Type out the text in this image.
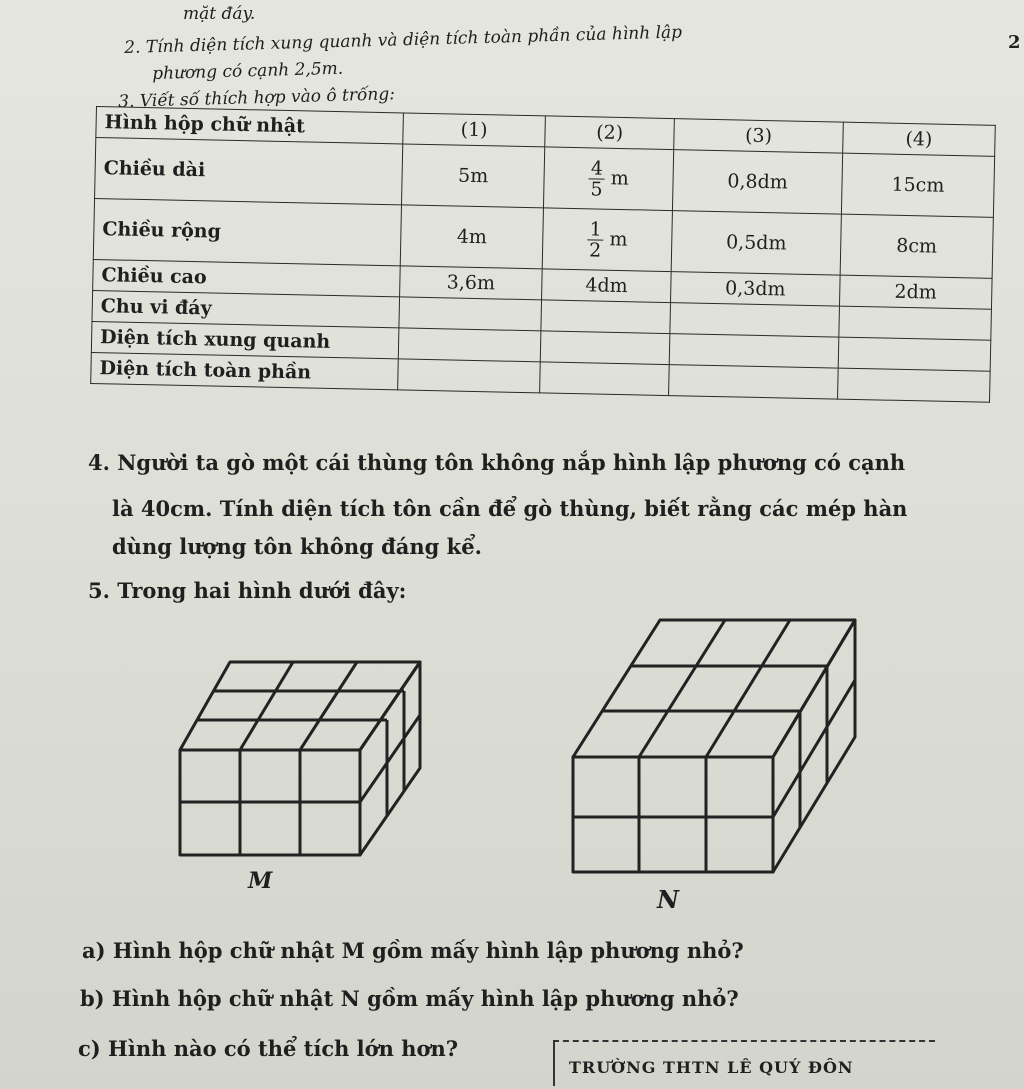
mặt đáy.
2
2. Tính diện tích xung quanh và diện tích toàn phần của hình lập
phương có cạnh 2,5m.
3. Viết số thích hợp vào ô trống:
Hình hộp chữ nhật	(1)	(2)	(3)	(4)
Chiều dài	5m	$\frac{4}{5}$ m	0,8dm	15cm
Chiều rộng	4m	$\frac{1}{2}$ m	0,5dm	8cm
Chiều cao	3,6m	4dm	0,3dm	2dm
Chu vi đáy				
Diện tích xung quanh				
Diện tích toàn phần				
4. Người ta gò một cái thùng tôn không nắp hình lập phương có cạnh
là 40cm. Tính diện tích tôn cần để gò thùng, biết rằng các mép hàn
dùng lượng tôn không đáng kể.
5. Trong hai hình dưới đây:
M
N
a) Hình hộp chữ nhật M gồm mấy hình lập phương nhỏ?
b) Hình hộp chữ nhật N gồm mấy hình lập phương nhỏ?
c) Hình nào có thể tích lớn hơn?
TRƯỜNG THTN LÊ QUÝ ĐÔN
